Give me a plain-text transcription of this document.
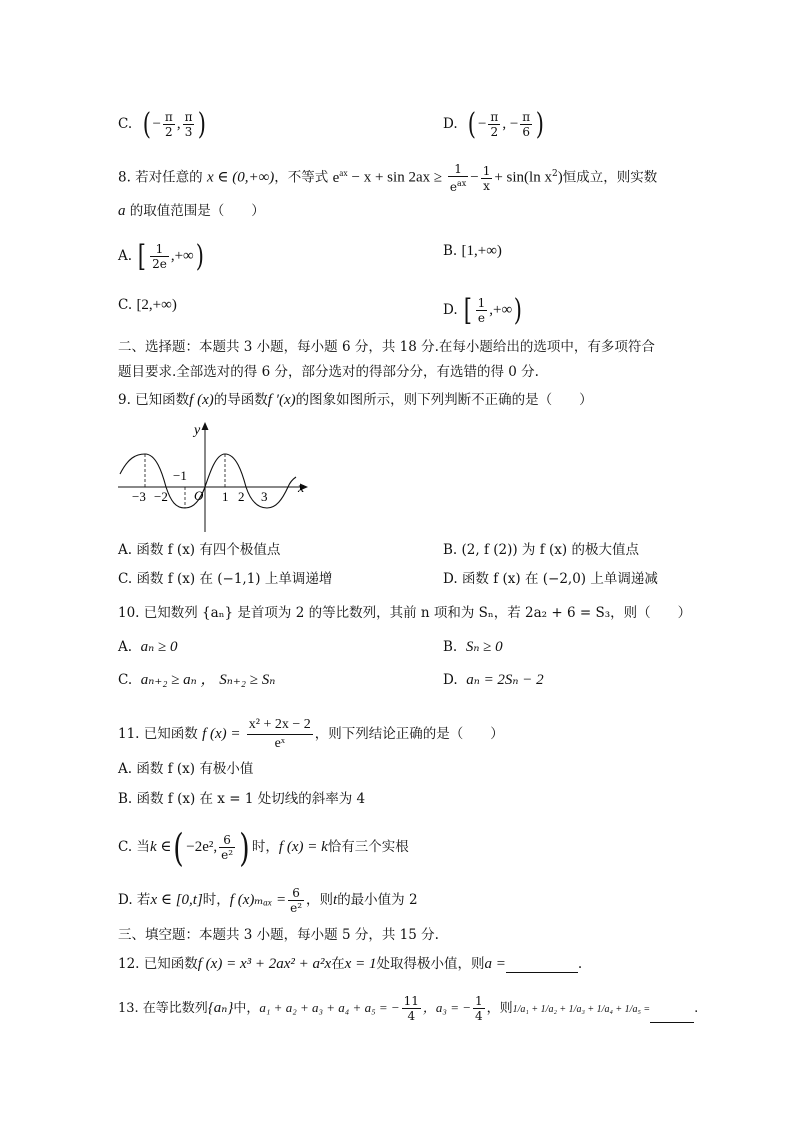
C. ( − $\frac{\pi}{2}$ , $\frac{\pi}{3}$ )	D. ( − $\frac{\pi}{2}$ , − $\frac{\pi}{6}$ )
8. 若对任意的 x ∈ (0,+∞)，不等式 $e^{ax} - x + \sin 2ax \ge \frac{1}{e^{ax}} - \frac{1}{x} + \sin(\ln$ $x^2$)恒成立，则实数
a 的取值范围是（　　）
A. [ $\frac{1}{2e}$ ,+∞)	B. [1,+∞)
C. [2,+∞)	D. [ $\frac{1}{e}$ ,+∞)
二、选择题：本题共 3 小题，每小题 6 分，共 18 分.在每小题给出的选项中，有多项符合
题目要求.全部选对的得 6 分，部分选对的得部分分，有选错的得 0 分.
9. 已知函数f (x)的导函数f ′(x)的图象如图所示，则下列判断不正确的是（　　）
y
x
O
−3 −2
−1
1 2 3
A. 函数 f (x) 有四个极值点	B. (2, f (2)) 为 f (x) 的极大值点
C. 函数 f (x) 在 (−1,1) 上单调递增	D. 函数 f (x) 在 (−2,0) 上单调递减
10. 已知数列 {aₙ} 是首项为 2 的等比数列，其前 n 项和为 Sₙ，若 2a₂ + 6 = S₃，则（　　）
A. aₙ ≥ 0	B. Sₙ ≥ 0
C. aₙ₊₂ ≥ aₙ ， Sₙ₊₂ ≥ Sₙ	D. aₙ = 2Sₙ − 2
11. 已知函数 f $(x) = \frac{\text{x² + 2x − 2}}{\text{eˣ}}$ ，则下列结论正确的是（　　）
A. 函数 f (x) 有极小值
B. 函数 f (x) 在 x = 1 处切线的斜率为 4
C. 当k ∈( −2e², $\frac{6}{\text{e²}}$ ) 时，f (x) = k恰有三个实根
D. 若x ∈ [0,t]时，f $(x)_{max} = \frac{6}{\text{e²}}$ ，则t的最小值为 2
三、填空题：本题共 3 小题，每小题 5 分，共 15 分.
12. 已知函数f (x) = x³ + 2ax² + a²x在x = 1处取得极小值，则a =	.
13. 在等比数列{aₙ}中，a₁ + a₂ + a₃ + a₄ + a₅ = − $\frac{11}{4}$ ，a₃ = − $\frac{1}{4}$ ，则1/a₁ + 1/a₂ + 1/a₃ + 1/a₄ + 1/a₅ =	.
